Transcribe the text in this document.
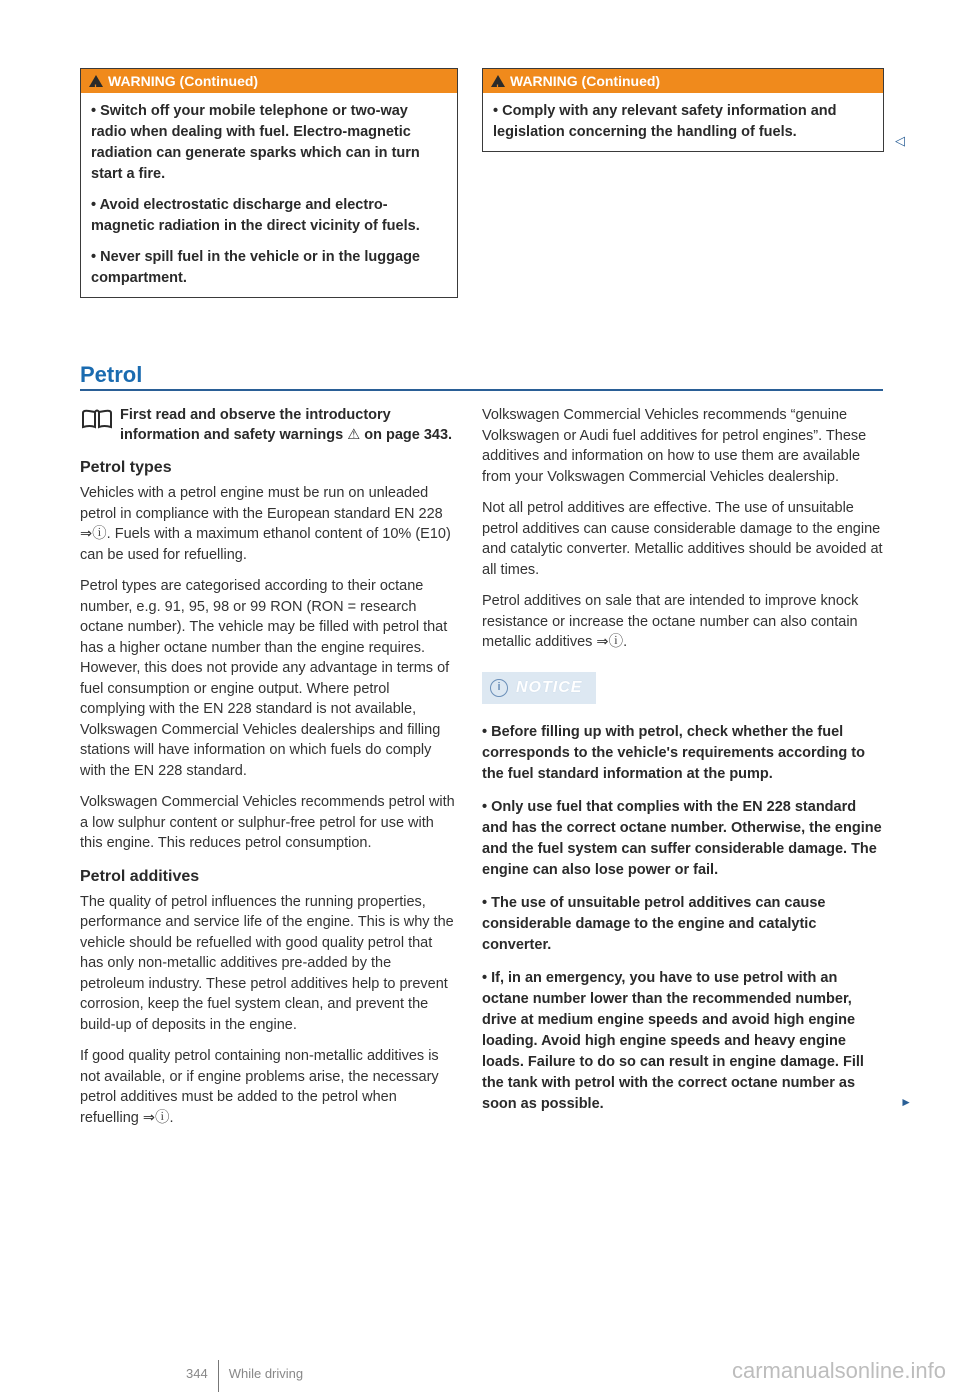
!
WARNING (Continued)
• Switch off your mobile telephone or two-way radio when dealing with fuel. Electro-magnetic radiation can generate sparks which can in turn start a fire.
• Avoid electrostatic discharge and electro-magnetic radiation in the direct vicinity of fuels.
• Never spill fuel in the vehicle or in the luggage compartment.
!
WARNING (Continued)
• Comply with any relevant safety information and legislation concerning the handling of fuels.
◁
Petrol
First read and observe the introductory information and safety warnings ⚠ on page 343.
Petrol types

Vehicles with a petrol engine must be run on unleaded petrol in compliance with the European standard EN 228 ⇒ⓘ. Fuels with a maximum ethanol content of 10% (E10) can be used for refuelling.

Petrol types are categorised according to their octane number, e.g. 91, 95, 98 or 99 RON (RON = research octane number). The vehicle may be filled with petrol that has a higher octane number than the engine requires. However, this does not provide any advantage in terms of fuel consumption or engine output. Where petrol complying with the EN 228 standard is not available, Volkswagen Commercial Vehicles dealerships and filling stations will have information on which fuels do comply with the EN 228 standard.

Volkswagen Commercial Vehicles recommends petrol with a low sulphur content or sulphur-free petrol for use with this engine. This reduces petrol consumption.

Petrol additives

The quality of petrol influences the running properties, performance and service life of the engine. This is why the vehicle should be refuelled with good quality petrol that has only non-metallic additives pre-added by the petroleum industry. These petrol additives help to prevent corrosion, keep the fuel system clean, and prevent the build-up of deposits in the engine.

If good quality petrol containing non-metallic additives is not available, or if engine problems arise, the necessary petrol additives must be added to the petrol when refuelling ⇒ⓘ.

Volkswagen Commercial Vehicles recommends “genuine Volkswagen or Audi fuel additives for petrol engines”. These additives and information on how to use them are available from your Volkswagen Commercial Vehicles dealership.

Not all petrol additives are effective. The use of unsuitable petrol additives can cause considerable damage to the engine and catalytic converter. Metallic additives should be avoided at all times.

Petrol additives on sale that are intended to improve knock resistance or increase the octane number can also contain metallic additives ⇒ⓘ.

i NOTICE
• Before filling up with petrol, check whether the fuel corresponds to the vehicle's requirements according to the fuel standard information at the pump.
• Only use fuel that complies with the EN 228 standard and has the correct octane number. Otherwise, the engine and the fuel system can suffer considerable damage. The engine can also lose power or fail.
• The use of unsuitable petrol additives can cause considerable damage to the engine and catalytic converter.
• If, in an emergency, you have to use petrol with an octane number lower than the recommended number, drive at medium engine speeds and avoid high engine loading. Avoid high engine speeds and heavy engine loads. Failure to do so can result in engine damage. Fill the tank with petrol with the correct octane number as soon as possible.	►
344 While driving	carmanualsonline.info
